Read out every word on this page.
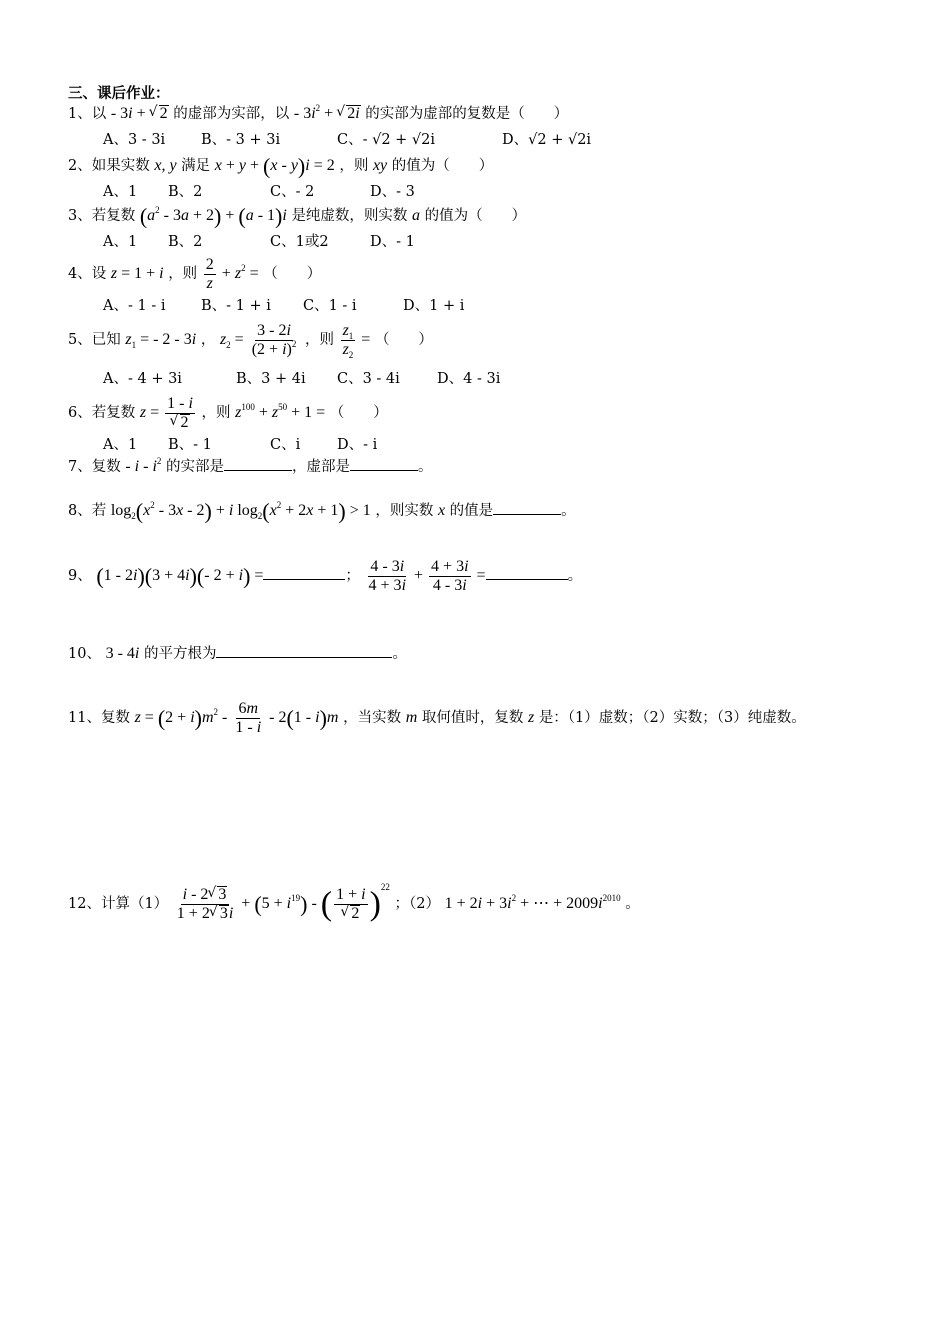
三、课后作业：
1、以 - 3i + √ 2 的虚部为实部，以 - $3i^2$ + √ 2i 的实部为虚部的复数是（　　）
A、3 - 3i B、- 3 + 3i	C、- √2 + √2i	D、√2 + √2i
2、如果实数 x, y 满足 x + y + (x - y)i = 2 ，则 xy 的值为（　　）
A、1 B、2	C、- 2	D、- 3
3、若复数 $(a^2 - 3a + 2) + (a - 1)i$ 是纯虚数，则实数 a 的值为（　　）
A、1 B、2	C、1或2	D、- 1
4、设 z = 1 + i ，则 $\frac{2}{z} + z^2$ = （　　）
A、- 1 - i B、- 1 + i C、1 - i	D、1 + i
5、已知 $z_1$ = - 2 - 3i ， $z_2 = \frac{3 - 2i}{(2 + i)^2}$ ，则 $\frac{z_1}{z_2}$ = （　　）
A、- 4 + 3i	B、3 + 4i C、3 - 4i	D、4 - 3i
6、若复数 z = 1 - i
√ 2 ，则 $z^{100} + z^{50} + 1$ = （　　）
A、1 B、- 1	C、i	D、- i
7、复数 - i - $i^2$ 的实部是	，虚部是	。
8、若 $\log_2(x^2 - 3x - 2) + i$ $\log_2(x^2 + 2x + 1) > 1$ ，则实数 x 的值是	。
9、 (1 - 2i)(3 + 4i)(- 2 + i) =	； $\frac{4 - 3i}{4 + 3i} + \frac{4 + 3i}{4 - 3i}$ =	。
10、 3 - 4i 的平方根为	。
11、复数 $z = (2 + i)m^2 - \frac{6m}{1 - i} - 2(1 - i)m$ ，当实数 m 取何值时，复数 z 是：（1）虚数；（2）实数；（3）纯虚数。
12、计算$(1) \frac{i - 2 √ 3}{1 + 2 √ 3i} + (5 + i^{19})$ - ( 1 + i
√ 2 )$^{22}$ ；（2） $1 + 2i + 3i^2$ + ⋯ + $2009i^{2010}$ 。
